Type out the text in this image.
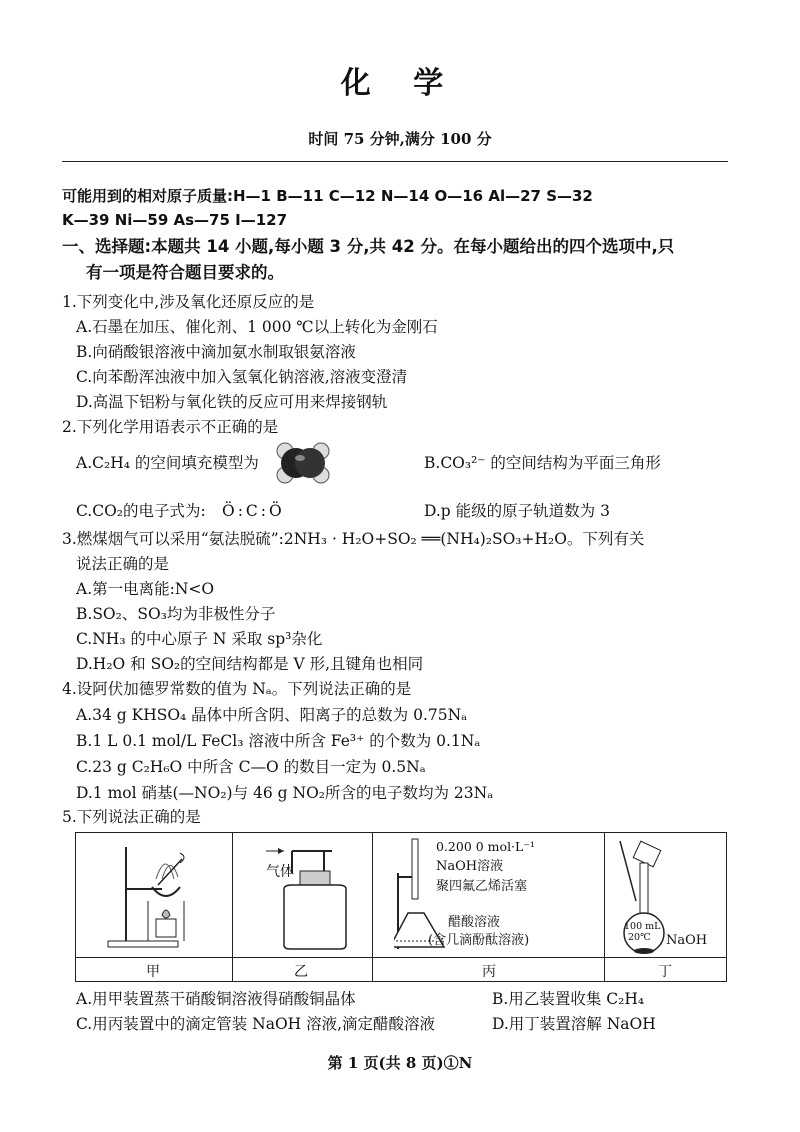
化 学
时间 75 分钟,满分 100 分
可能用到的相对原子质量:H—1 B—11 C—12 N—14 O—16 Al—27 S—32
K—39 Ni—59 As—75 I—127
一、选择题:本题共 14 小题,每小题 3 分,共 42 分。在每小题给出的四个选项中,只
有一项是符合题目要求的。
1.下列变化中,涉及氧化还原反应的是
A.石墨在加压、催化剂、1 000 ℃以上转化为金刚石
B.向硝酸银溶液中滴加氨水制取银氨溶液
C.向苯酚浑浊液中加入氢氧化钠溶液,溶液变澄清
D.高温下铝粉与氧化铁的反应可用来焊接钢轨
2.下列化学用语表示不正确的是
A.C₂H₄ 的空间填充模型为	B.CO₃²⁻ 的空间结构为平面三角形
C.CO₂的电子式为: Ö:C:Ö	D.p 能级的原子轨道数为 3
3.燃煤烟气可以采用“氨法脱硫”:2NH₃ · H₂O+SO₂ ══(NH₄)₂SO₃+H₂O。下列有关
说法正确的是
A.第一电离能:N<O
B.SO₂、SO₃均为非极性分子
C.NH₃ 的中心原子 N 采取 sp³杂化
D.H₂O 和 SO₂的空间结构都是 V 形,且键角也相同
4.设阿伏加德罗常数的值为 Nₐ。下列说法正确的是
A.34 g KHSO₄ 晶体中所含阴、阳离子的总数为 0.75Nₐ
B.1 L 0.1 mol/L FeCl₃ 溶液中所含 Fe³⁺ 的个数为 0.1Nₐ
C.23 g C₂H₆O 中所含 C—O 的数目一定为 0.5Nₐ
D.1 mol 硝基(—NO₂)与 46 g NO₂所含的电子数均为 23Nₐ
5.下列说法正确的是
气体
0.200 0 mol·L⁻¹
NaOH溶液
聚四氟乙烯活塞
醋酸溶液
(含几滴酚酞溶液)
100 mL
20℃ NaOH
甲	乙	丙	丁
A.用甲装置蒸干硝酸铜溶液得硝酸铜晶体	B.用乙装置收集 C₂H₄
C.用丙装置中的滴定管装 NaOH 溶液,滴定醋酸溶液	D.用丁装置溶解 NaOH
第 1 页(共 8 页)①N
